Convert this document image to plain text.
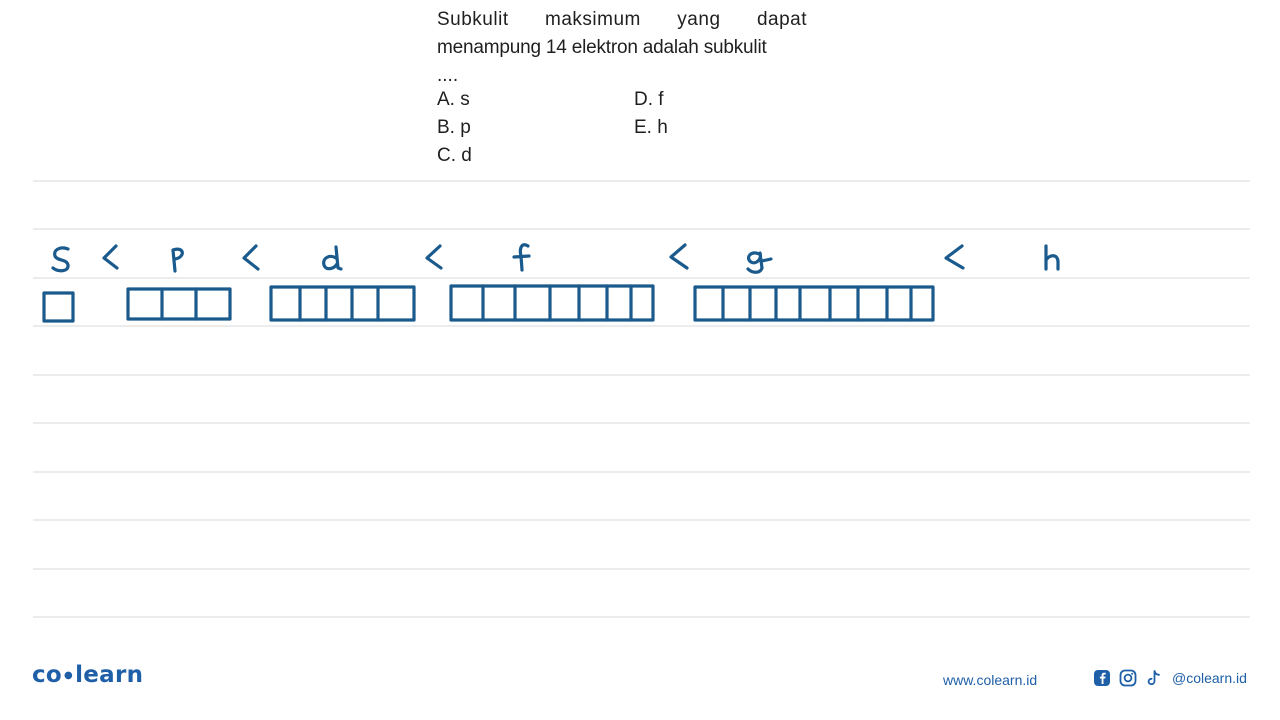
Subkulit maksimum yang dapat
menampung 14 elektron adalah subkulit
....
A. s
B. p
C. d
D. f
E. h
co ●learn	www.colearn.id	@colearn.id
